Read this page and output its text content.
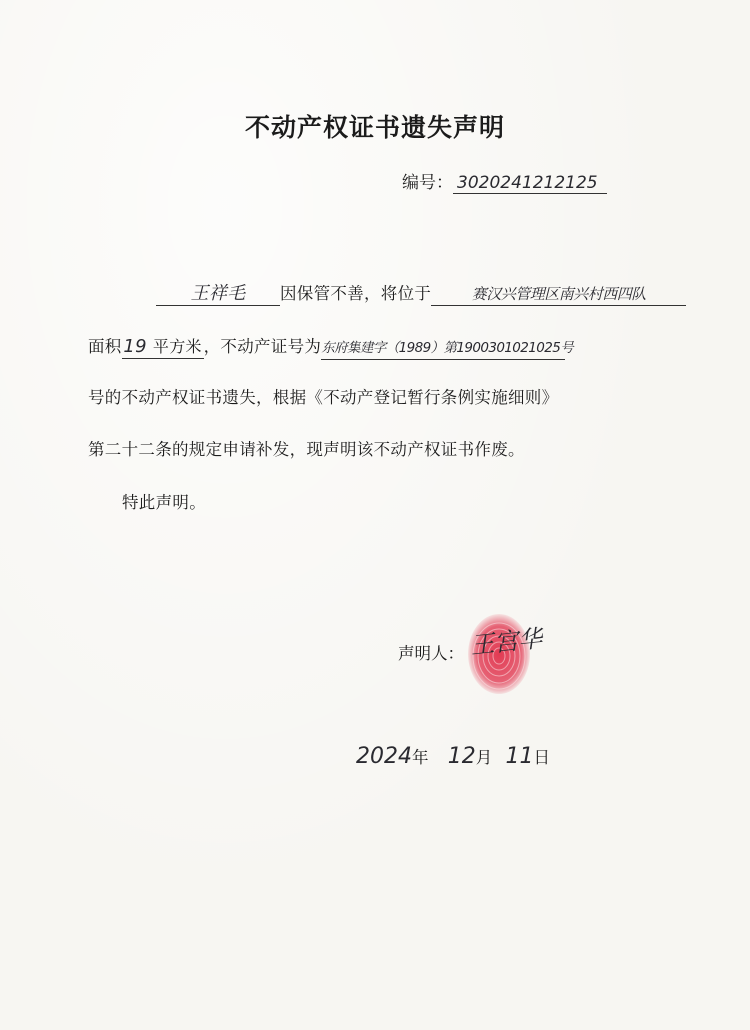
不动产权证书遗失声明
编号： 3020241212125
王祥毛 因保管不善，将位于	赛汉兴管理区南兴村西四队
面积19 平方米 ，不动产证号为东府集建字（1989）第1900301021025号
号的不动产权证书遗失，根据《不动产登记暂行条例实施细则》
第二十二条的规定申请补发，现声明该不动产权证书作废。
特此声明。
声明人： 王宫华
2024年 12月 11日
